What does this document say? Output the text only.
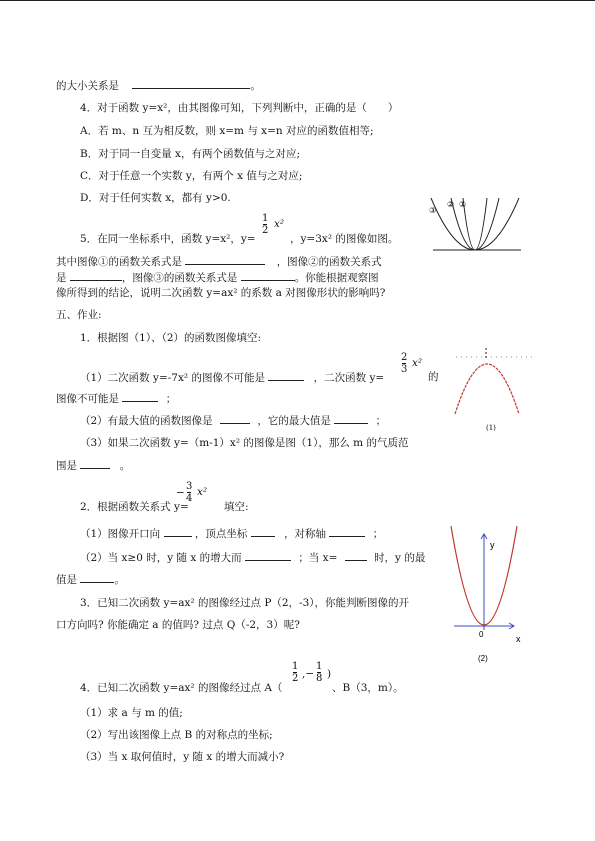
的大小关系是	。
4．对于函数 y=x²，由其图像可知，下列判断中，正确的是（　　）
A．若 m、n 互为相反数，则 x=m 与 x=n 对应的函数值相等;
B．对于同一自变量 x，有两个函数值与之对应;
C．对于任意一个实数 y，有两个 x 值与之对应;
D．对于任何实数 x，都有 y>0.
5．在同一坐标系中，函数 y=x²，y=
1
2
x²
，y=3x² 的图像如图。
其中图像①的函数关系式是	，图像②的函数关系式
是	，图像③的函数关系式是	。你能根据观察图
像所得到的结论，说明二次函数 y=ax² 的系数 a 对图像形状的影响吗?
③
② ①
五、作业:
1．根据图（1）、（2）的函数图像填空:
（1）二次函数 y=-7x² 的图像不可能是	，二次函数 y=
2
3
x²
的
图像不可能是	；
（2）有最大值的函数图像是	，它的最大值是	；
（3）如果二次函数 y=（m-1）x² 的图像是图（1），那么 m 的气质范
围是	。
(1)
2．根据函数关系式 y=
−
3
4
x²
填空:
（1）图像开口向	，顶点坐标	，对称轴	；
（2）当 x≥0 时，y 随 x 的增大而	；当 x=	时，y 的最
值是	。
3．已知二次函数 y=ax² 的图像经过点 P（2，-3），你能判断图像的开
口方向吗? 你能确定 a 的值吗? 过点 Q（-2，3）呢?
y
x
0
(2)
4．已知二次函数 y=ax² 的图像经过点 A（
1
2 ,−
1
8 )
、B（3，m）。
（1）求 a 与 m 的值;
（2）写出该图像上点 B 的对称点的坐标;
（3）当 x 取何值时，y 随 x 的增大而减小?
